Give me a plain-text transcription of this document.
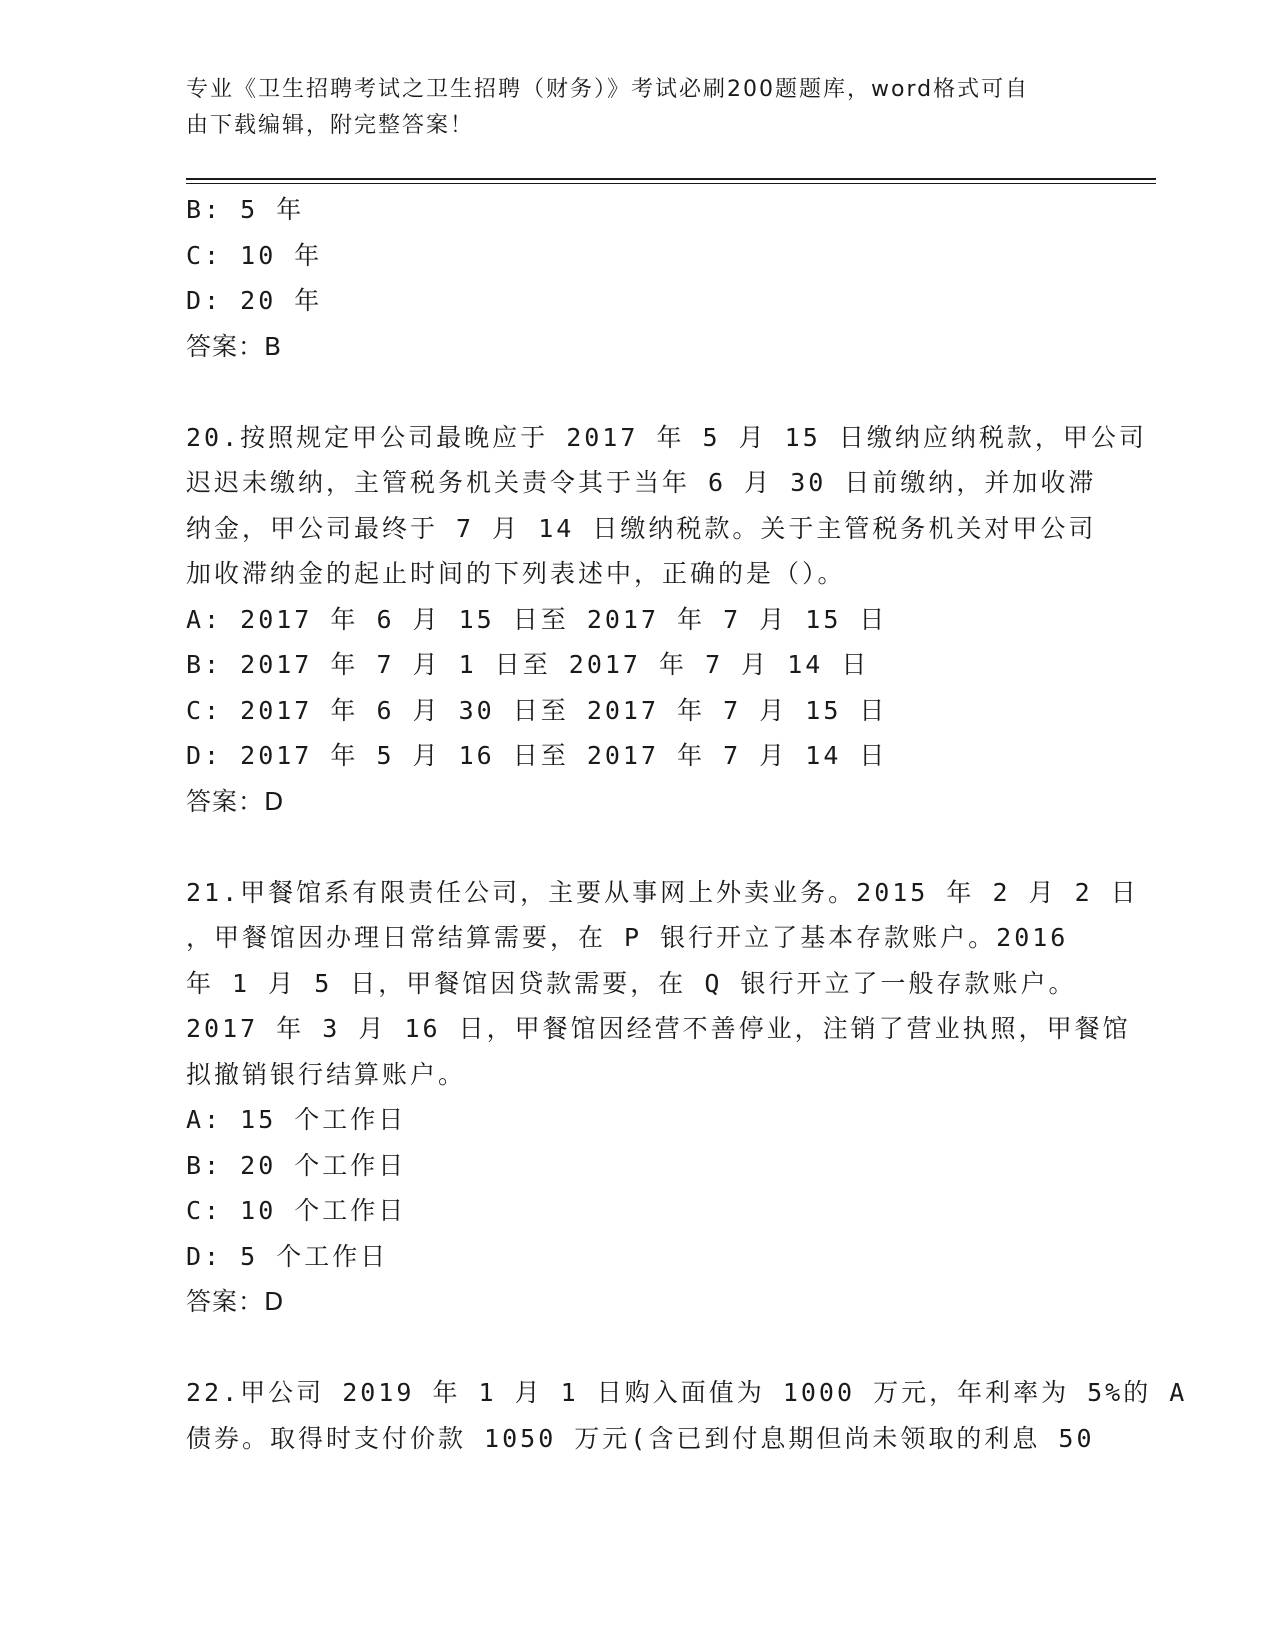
专业《卫生招聘考试之卫生招聘（财务）》考试必刷200题题库，word格式可自
由下载编辑，附完整答案！
B: 5 年
C: 10 年
D: 20 年
答案：B
20.按照规定甲公司最晚应于 2017 年 5 月 15 日缴纳应纳税款，甲公司
迟迟未缴纳，主管税务机关责令其于当年 6 月 30 日前缴纳，并加收滞
纳金，甲公司最终于 7 月 14 日缴纳税款。关于主管税务机关对甲公司
加收滞纳金的起止时间的下列表述中，正确的是（）。
A: 2017 年 6 月 15 日至 2017 年 7 月 15 日
B: 2017 年 7 月 1 日至 2017 年 7 月 14 日
C: 2017 年 6 月 30 日至 2017 年 7 月 15 日
D: 2017 年 5 月 16 日至 2017 年 7 月 14 日
答案：D
21.甲餐馆系有限责任公司，主要从事网上外卖业务。2015 年 2 月 2 日
，甲餐馆因办理日常结算需要，在 P 银行开立了基本存款账户。2016
年 1 月 5 日，甲餐馆因贷款需要，在 Q 银行开立了一般存款账户。
2017 年 3 月 16 日，甲餐馆因经营不善停业，注销了营业执照，甲餐馆
拟撤销银行结算账户。
A: 15 个工作日
B: 20 个工作日
C: 10 个工作日
D: 5 个工作日
答案：D
22.甲公司 2019 年 1 月 1 日购入面值为 1000 万元，年利率为 5%的 A
债券。取得时支付价款 1050 万元(含已到付息期但尚未领取的利息 50
